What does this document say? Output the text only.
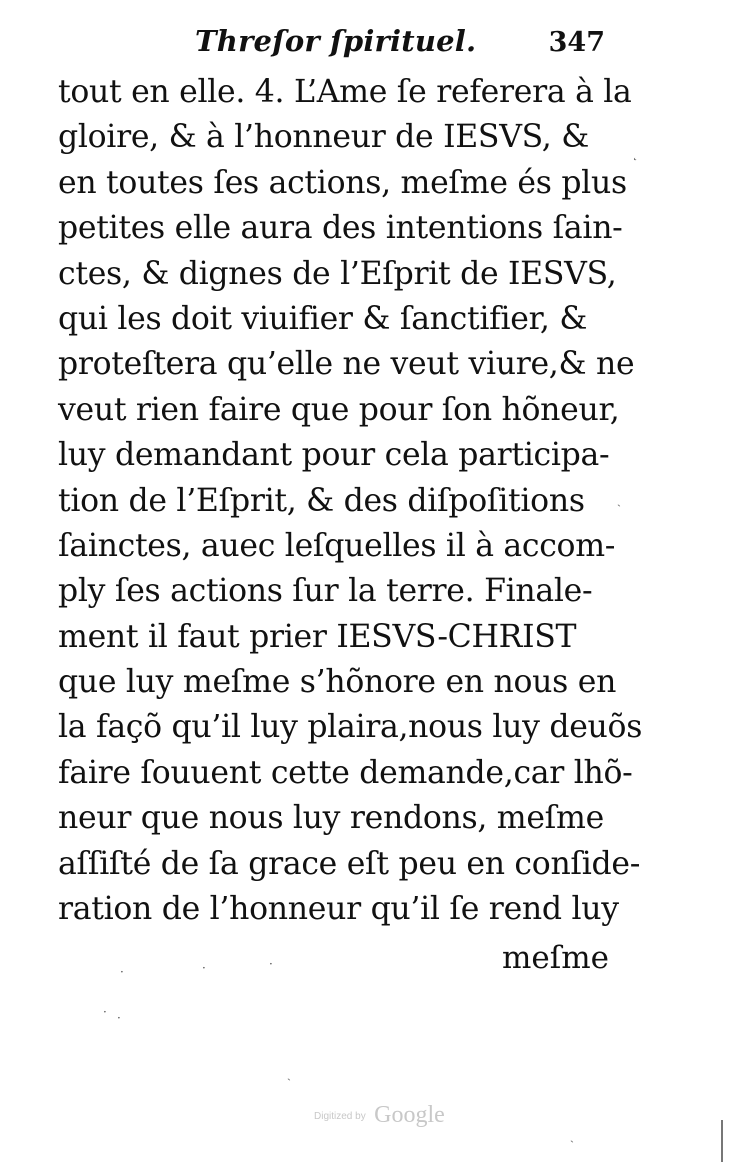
Threſor ſpirituel.	347
tout en elle. 4. L’Ame ſe referera à la
gloire, & à l’honneur de IESVS, &
en toutes ſes actions, meſme és plus
petites elle aura des intentions ſain-
ctes, & dignes de l’Eſprit de IESVS,
qui les doit viuifier & ſanctifier, &
proteſtera qu’elle ne veut viure,& ne
veut rien faire que pour ſon hõneur,
luy demandant pour cela participa-
tion de l’Eſprit, & des diſpoſitions
ſainctes, auec leſquelles il à accom-
ply ſes actions ſur la terre. Finale-
ment il faut prier IESVS-CHRIST
que luy meſme s’hõnore en nous en
la façõ qu’il luy plaira,nous luy deuõs
faire ſouuent cette demande,car lhõ-
neur que nous luy rendons, meſme
aſſiſté de ſa grace eſt peu en conſide-
ration de l’honneur qu’il ſe rend luy
meſme
˛
ˏ
·	·	·
· ·
ˏ
ˏ
Digitized by Google
